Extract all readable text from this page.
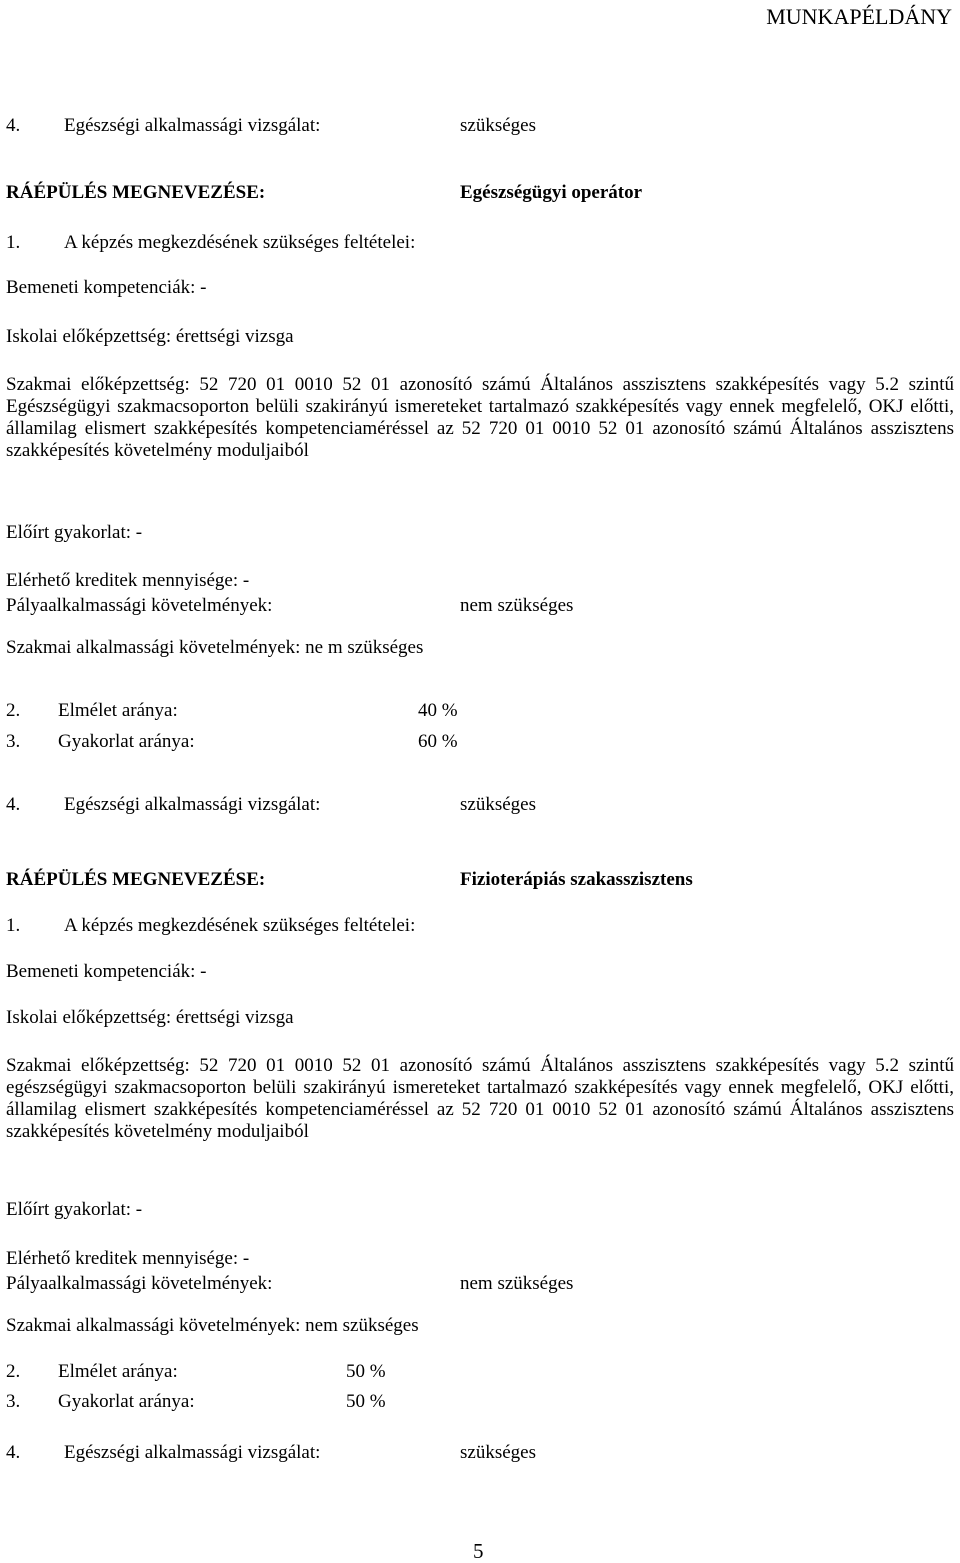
MUNKAPÉLDÁNY
4. Egészségi alkalmassági vizsgálat:	szükséges
RÁÉPÜLÉS MEGNEVEZÉSE:	Egészségügyi operátor
1. A képzés megkezdésének szükséges feltételei:
Bemeneti kompetenciák: -
Iskolai előképzettség: érettségi vizsga
Szakmai előképzettség: 52 720 01 0010 52 01 azonosító számú Általános asszisztens szakképesítés vagy 5.2 szintű Egészségügyi szakmacsoporton belüli szakirányú ismereteket tartalmazó szakképesítés vagy ennek megfelelő, OKJ előtti, államilag elismert szakképesítés kompetenciaméréssel az 52 720 01 0010 52 01 azonosító számú Általános asszisztens szakképesítés követelmény moduljaiból
Előírt gyakorlat: -
Elérhető kreditek mennyisége: -
Pályaalkalmassági követelmények:	nem szükséges
Szakmai alkalmassági követelmények: ne m szükséges
2. Elmélet aránya:	40 %
3. Gyakorlat aránya:	60 %
4. Egészségi alkalmassági vizsgálat:	szükséges
RÁÉPÜLÉS MEGNEVEZÉSE:	Fizioterápiás szakasszisztens
1. A képzés megkezdésének szükséges feltételei:
Bemeneti kompetenciák: -
Iskolai előképzettség: érettségi vizsga
Szakmai előképzettség: 52 720 01 0010 52 01 azonosító számú Általános asszisztens szakképesítés vagy 5.2 szintű egészségügyi szakmacsoporton belüli szakirányú ismereteket tartalmazó szakképesítés vagy ennek megfelelő, OKJ előtti, államilag elismert szakképesítés kompetenciaméréssel az 52 720 01 0010 52 01 azonosító számú Általános asszisztens szakképesítés követelmény moduljaiból
Előírt gyakorlat: -
Elérhető kreditek mennyisége: -
Pályaalkalmassági követelmények:	nem szükséges
Szakmai alkalmassági követelmények: nem szükséges
2. Elmélet aránya:	50 %
3. Gyakorlat aránya:	50 %
4. Egészségi alkalmassági vizsgálat:	szükséges
5
